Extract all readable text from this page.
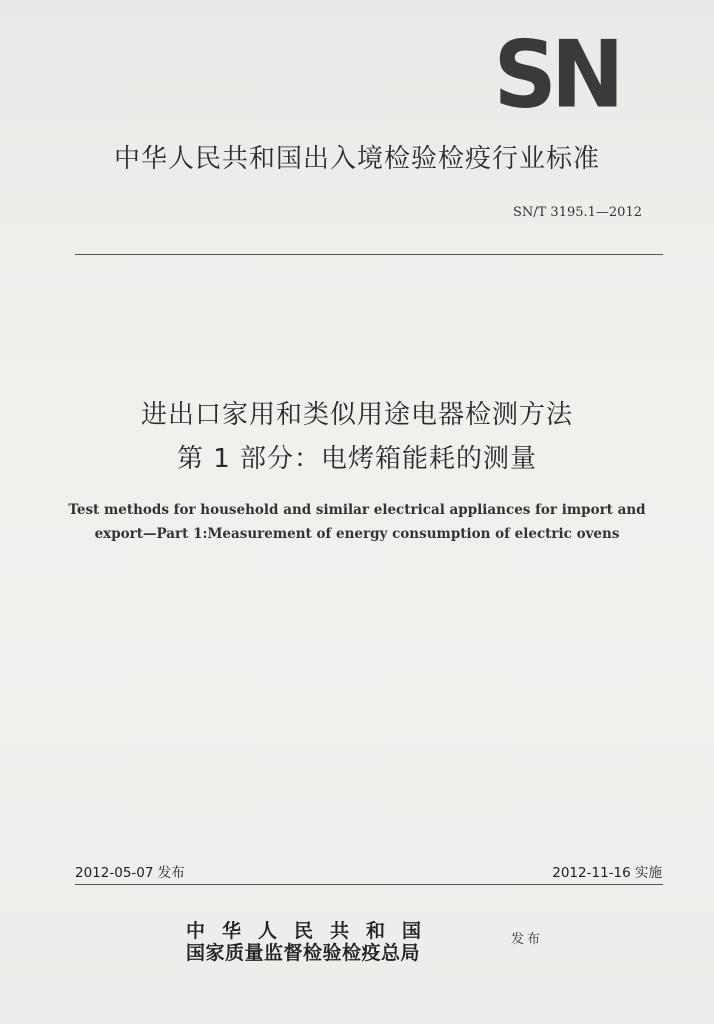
SN
中华人民共和国出入境检验检疫行业标准
SN/T 3195.1—2012
进出口家用和类似用途电器检测方法
第 1 部分：电烤箱能耗的测量
Test methods for household and similar electrical appliances for import and
export—Part 1:Measurement of energy consumption of electric ovens
2012-05-07 发布	2012-11-16 实施
中华人民共和国
国家质量监督检验检疫总局
发布
